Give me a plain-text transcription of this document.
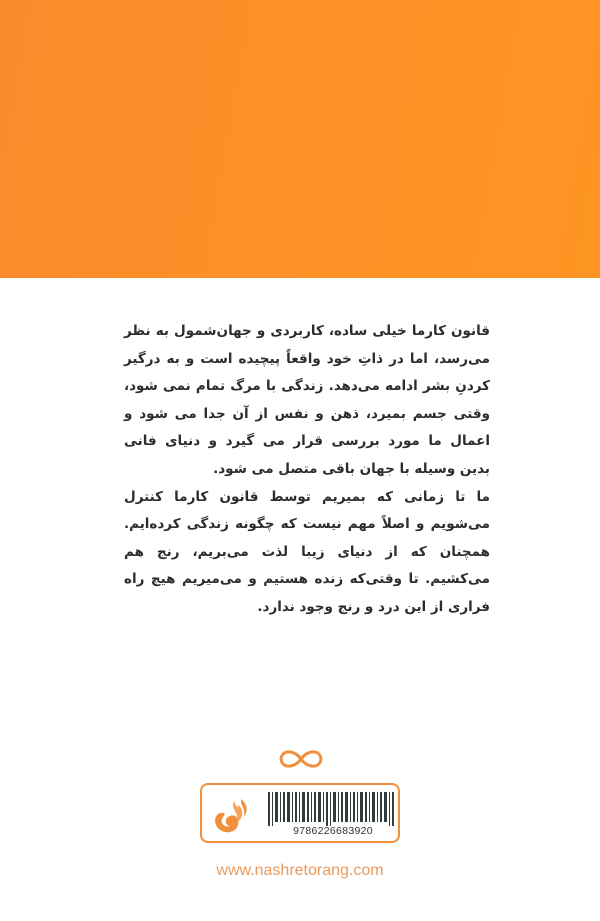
قانون کارما خیلی ساده، کاربردی و جهان‌شمول به نظر می‌رسد، اما در ذاتِ خود واقعاً پیچیده است و به درگیر کردنِ بشر ادامه می‌دهد. زندگی با مرگ تمام نمی شود، وقتی جسم بمیرد، ذهن و نفس از آن جدا می شود و اعمال ما مورد بررسی قرار می گیرد و دنیای فانی بدین وسیله با جهان باقی متصل می شود.

ما تا زمانی که بمیریم توسط قانون کارما کنترل می‌شویم و اصلاً مهم نیست که چگونه زندگی کرده‌ایم. همچنان که از دنیای زیبا لذت می‌بریم، رنج هم می‌کشیم. تا وقتی‌که زنده هستیم و می‌میریم هیچ راه فراری از این درد و رنج وجود ندارد.

9786226683920
www.nashretorang.com
